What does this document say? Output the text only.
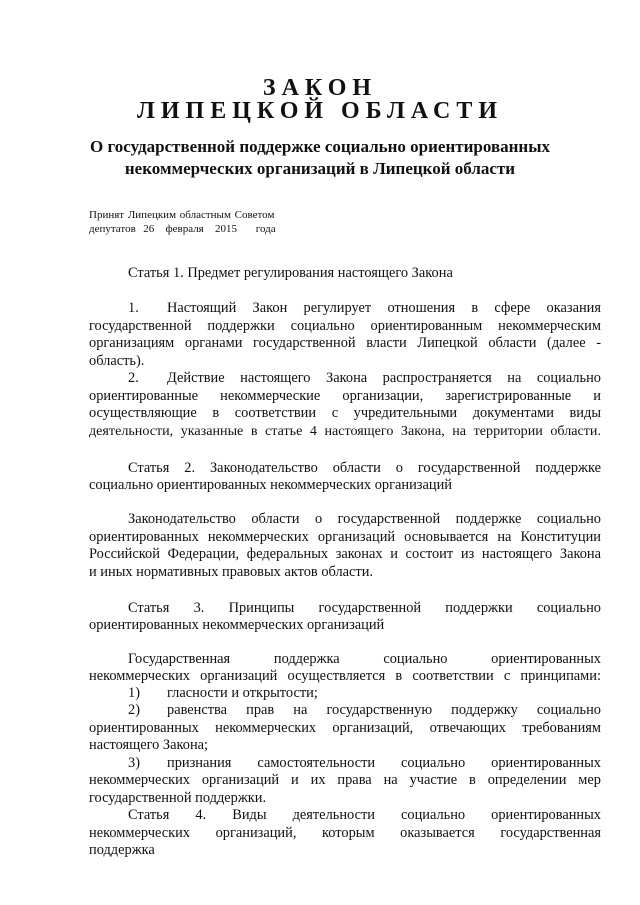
ЗАКОН
ЛИПЕЦКОЙ ОБЛАСТИ
О государственной поддержке социально ориентированных
некоммерческих организаций в Липецкой области
Принят Липецким областным Советом
депутатов  26   февраля   2015     года
Статья 1. Предмет регулирования настоящего Закона
1. Настоящий Закон регулирует отношения в сфере оказания
государственной поддержки социально ориентированным некоммерческим
организациям органами государственной власти Липецкой области (далее -
область).
2. Действие настоящего Закона распространяется на социально
ориентированные некоммерческие организации, зарегистрированные и
осуществляющие в соответствии с учредительными документами виды
деятельности, указанные в статье 4 настоящего Закона, на территории области.
Статья 2. Законодательство области о государственной поддержке
социально ориентированных некоммерческих организаций
Законодательство области о государственной поддержке социально
ориентированных некоммерческих организаций основывается на Конституции
Российской Федерации, федеральных законах и состоит из настоящего Закона
и иных нормативных правовых актов области.
Статья 3. Принципы государственной поддержки социально
ориентированных некоммерческих организаций
Государственная поддержка социально ориентированных
некоммерческих организаций осуществляется в соответствии с принципами:
1) гласности и открытости;
2) равенства прав на государственную поддержку социально
ориентированных некоммерческих организаций, отвечающих требованиям
настоящего Закона;
3) признания самостоятельности социально ориентированных
некоммерческих организаций и их права на участие в определении мер
государственной поддержки.
Статья 4. Виды деятельности социально ориентированных
некоммерческих организаций, которым оказывается государственная
поддержка
